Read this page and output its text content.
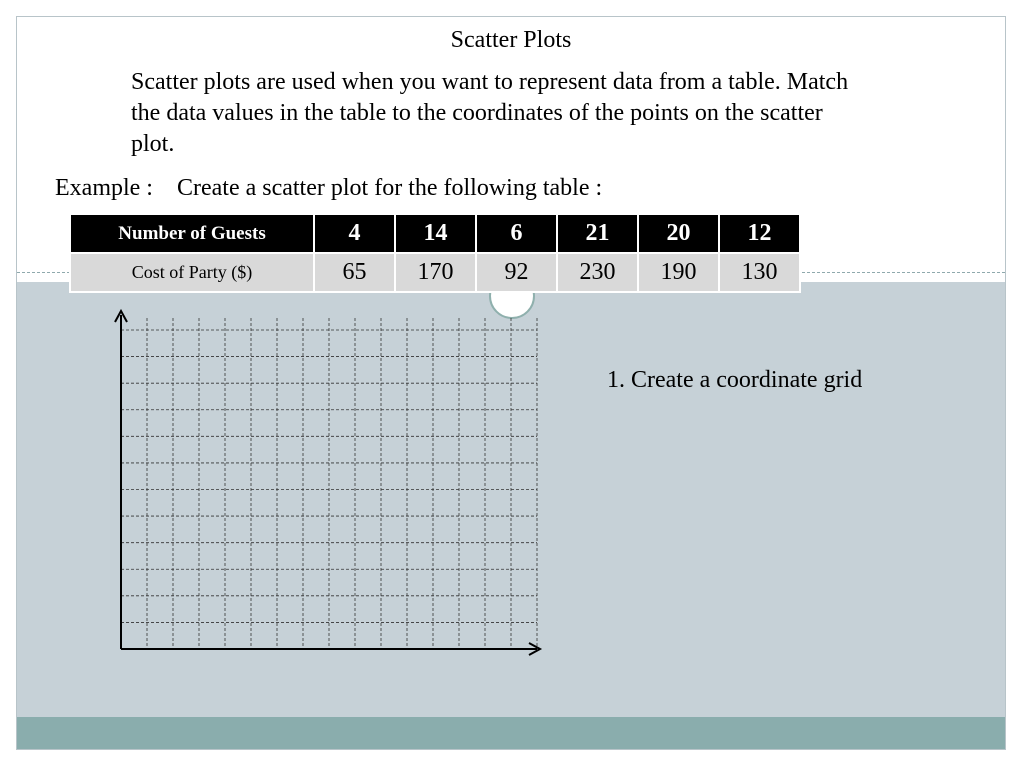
Scatter Plots
Scatter plots are used when you want to represent data from a table. Match the data values in the table to the coordinates of the points on the scatter plot.
Example : Create a scatter plot for the following table :
Number of Guests	4	14	6	21	20	12
Cost of Party ($)	65	170	92	230	190	130
1. Create a coordinate grid
